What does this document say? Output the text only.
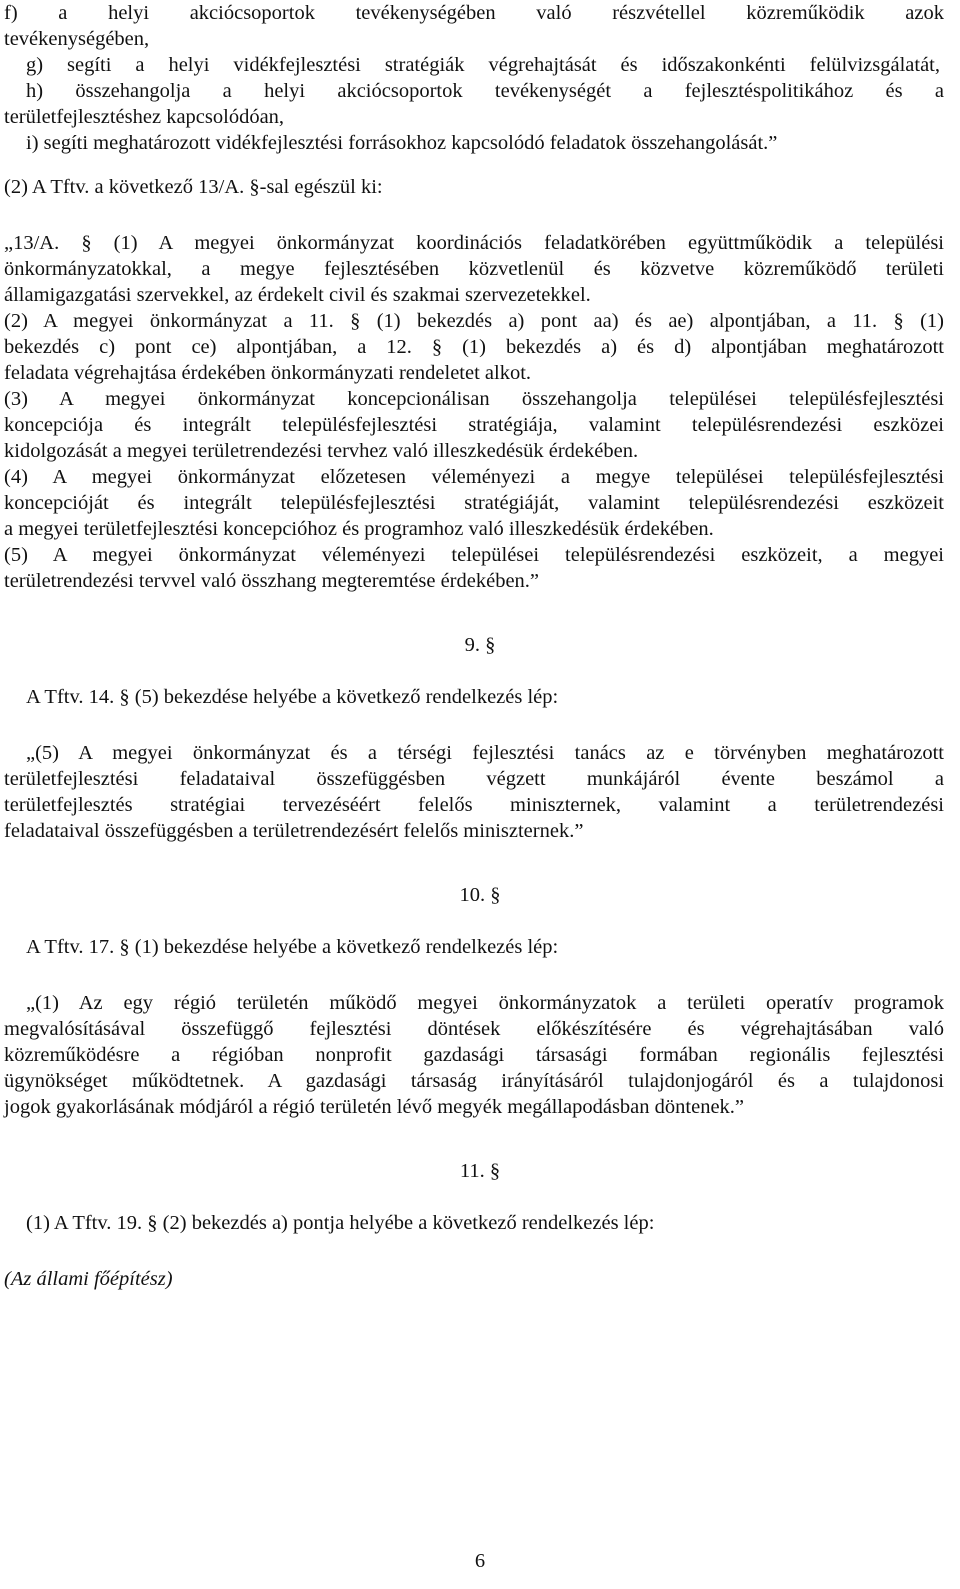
f) a helyi akciócsoportok tevékenységében való részvétellel közreműködik azok
tevékenységében,
g) segíti a helyi vidékfejlesztési stratégiák végrehajtását és időszakonkénti felülvizsgálatát,
h) összehangolja a helyi akciócsoportok tevékenységét a fejlesztéspolitikához és a
területfejlesztéshez kapcsolódóan,
i) segíti meghatározott vidékfejlesztési forrásokhoz kapcsolódó feladatok összehangolását.”
(2) A Tftv. a következő 13/A. §-sal egészül ki:
„13/A. § (1) A megyei önkormányzat koordinációs feladatkörében együttműködik a települési
önkormányzatokkal, a megye fejlesztésében közvetlenül és közvetve közreműködő területi
államigazgatási szervekkel, az érdekelt civil és szakmai szervezetekkel.
(2) A megyei önkormányzat a 11. § (1) bekezdés a) pont aa) és ae) alpontjában, a 11. § (1)
bekezdés c) pont ce) alpontjában, a 12. § (1) bekezdés a) és d) alpontjában meghatározott
feladata végrehajtása érdekében önkormányzati rendeletet alkot.
(3) A megyei önkormányzat koncepcionálisan összehangolja települései településfejlesztési
koncepciója és integrált településfejlesztési stratégiája, valamint településrendezési eszközei
kidolgozását a megyei területrendezési tervhez való illeszkedésük érdekében.
(4) A megyei önkormányzat előzetesen véleményezi a megye települései településfejlesztési
koncepcióját és integrált településfejlesztési stratégiáját, valamint településrendezési eszközeit
a megyei területfejlesztési koncepcióhoz és programhoz való illeszkedésük érdekében.
(5) A megyei önkormányzat véleményezi települései településrendezési eszközeit, a megyei
területrendezési tervvel való összhang megteremtése érdekében.”
9. §
A Tftv. 14. § (5) bekezdése helyébe a következő rendelkezés lép:
„(5) A megyei önkormányzat és a térségi fejlesztési tanács az e törvényben meghatározott
területfejlesztési feladataival összefüggésben végzett munkájáról évente beszámol a
területfejlesztés stratégiai tervezéséért felelős miniszternek, valamint a területrendezési
feladataival összefüggésben a területrendezésért felelős miniszternek.”
10. §
A Tftv. 17. § (1) bekezdése helyébe a következő rendelkezés lép:
„(1) Az egy régió területén működő megyei önkormányzatok a területi operatív programok
megvalósításával összefüggő fejlesztési döntések előkészítésére és végrehajtásában való
közreműködésre a régióban nonprofit gazdasági társasági formában regionális fejlesztési
ügynökséget működtetnek. A gazdasági társaság irányításáról tulajdonjogáról és a tulajdonosi
jogok gyakorlásának módjáról a régió területén lévő megyék megállapodásban döntenek.”
11. §
(1) A Tftv. 19. § (2) bekezdés a) pontja helyébe a következő rendelkezés lép:
(Az állami főépítész)
6
